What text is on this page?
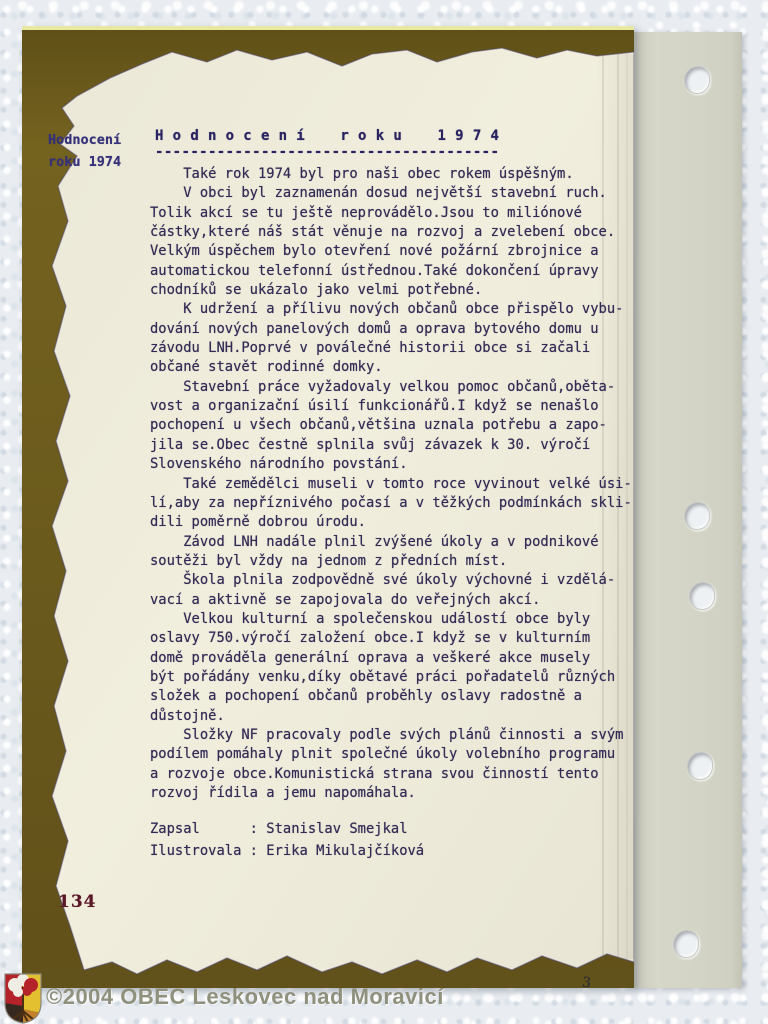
Hodnocení
roku 1974
H o d n o c e n í    r o k u    1 9 7 4
---------------------------------------
Také rok 1974 byl pro naši obec rokem úspěšným.
V obci byl zaznamenán dosud největší stavební ruch.
Tolik akcí se tu ještě neprovádělo.Jsou to miliónové
částky,které náš stát věnuje na rozvoj a zvelebení obce.
Velkým úspěchem bylo otevření nové požární zbrojnice a
automatickou telefonní ústřednou.Také dokončení úpravy
chodníků se ukázalo jako velmi potřebné.
K udržení a přílivu nových občanů obce přispělo vybu-
dování nových panelových domů a oprava bytového domu u
závodu LNH.Poprvé v poválečné historii obce si začali
občané stavět rodinné domky.
Stavební práce vyžadovaly velkou pomoc občanů,oběta-
vost a organizační úsilí funkcionářů.I když se nenašlo
pochopení u všech občanů,většina uznala potřebu a zapo-
jila se.Obec čestně splnila svůj závazek k 30. výročí
Slovenského národního povstání.
Také zemědělci museli v tomto roce vyvinout velké úsi-
lí,aby za nepříznivého počasí a v těžkých podmínkách skli-
dili poměrně dobrou úrodu.
Závod LNH nadále plnil zvýšené úkoly a v podnikové
soutěži byl vždy na jednom z předních míst.
Škola plnila zodpovědně své úkoly výchovné i vzdělá-
vací a aktivně se zapojovala do veřejných akcí.
Velkou kulturní a společenskou událostí obce byly
oslavy 750.výročí založení obce.I když se v kulturním
domě prováděla generální oprava a veškeré akce musely
být pořádány venku,díky obětavé práci pořadatelů různých
složek a pochopení občanů proběhly oslavy radostně a
důstojně.
Složky NF pracovaly podle svých plánů činnosti a svým
podílem pomáhaly plnit společné úkoly volebního programu
a rozvoje obce.Komunistická strana svou činností tento
rozvoj řídila a jemu napomáhala.
Zapsal      : Stanislav Smejkal
Ilustrovala : Erika Mikulajčíková
134
©2004 OBEC Leskovec nad Moravicí
3
